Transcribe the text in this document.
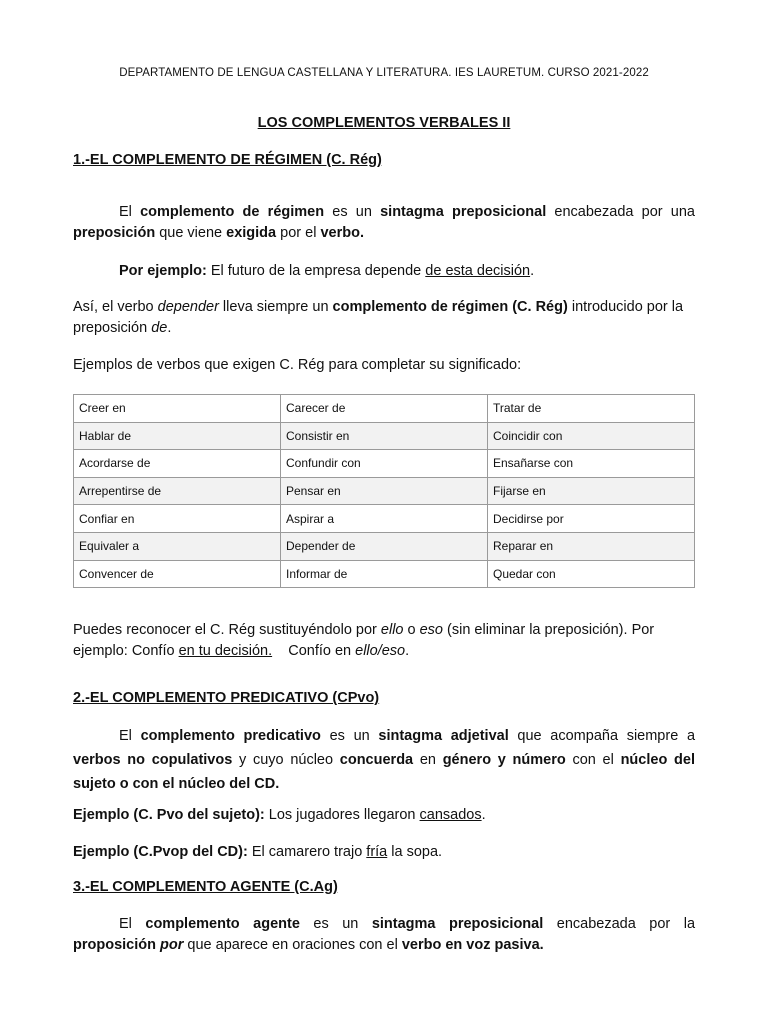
DEPARTAMENTO DE LENGUA CASTELLANA Y LITERATURA. IES LAURETUM. CURSO 2021-2022
LOS COMPLEMENTOS VERBALES II
1.-EL COMPLEMENTO DE RÉGIMEN (C. Rég)
El complemento de régimen es un sintagma preposicional encabezada por una preposición que viene exigida por el verbo.
Por ejemplo: El futuro de la empresa depende de esta decisión.
Así, el verbo depender lleva siempre un complemento de régimen (C. Rég) introducido por la preposición de.
Ejemplos de verbos que exigen C. Rég para completar su significado:
Creer en	Carecer de	Tratar de
Hablar de	Consistir en	Coincidir con
Acordarse de	Confundir con	Ensañarse con
Arrepentirse de	Pensar en	Fijarse en
Confiar en	Aspirar a	Decidirse por
Equivaler a	Depender de	Reparar en
Convencer de	Informar de	Quedar con
Puedes reconocer el C. Rég sustituyéndolo por ello o eso (sin eliminar la preposición). Por ejemplo: Confío en tu decisión.    Confío en ello/eso.
2.-EL COMPLEMENTO PREDICATIVO (CPvo)
El complemento predicativo es un sintagma adjetival que acompaña siempre a verbos no copulativos y cuyo núcleo concuerda en género y número con el núcleo del sujeto o con el núcleo del CD.
Ejemplo (C. Pvo del sujeto): Los jugadores llegaron cansados.
Ejemplo (C.Pvop del CD): El camarero trajo fría la sopa.
3.-EL COMPLEMENTO AGENTE (C.Ag)
El complemento agente es un sintagma preposicional encabezada por la proposición por que aparece en oraciones con el verbo en voz pasiva.
